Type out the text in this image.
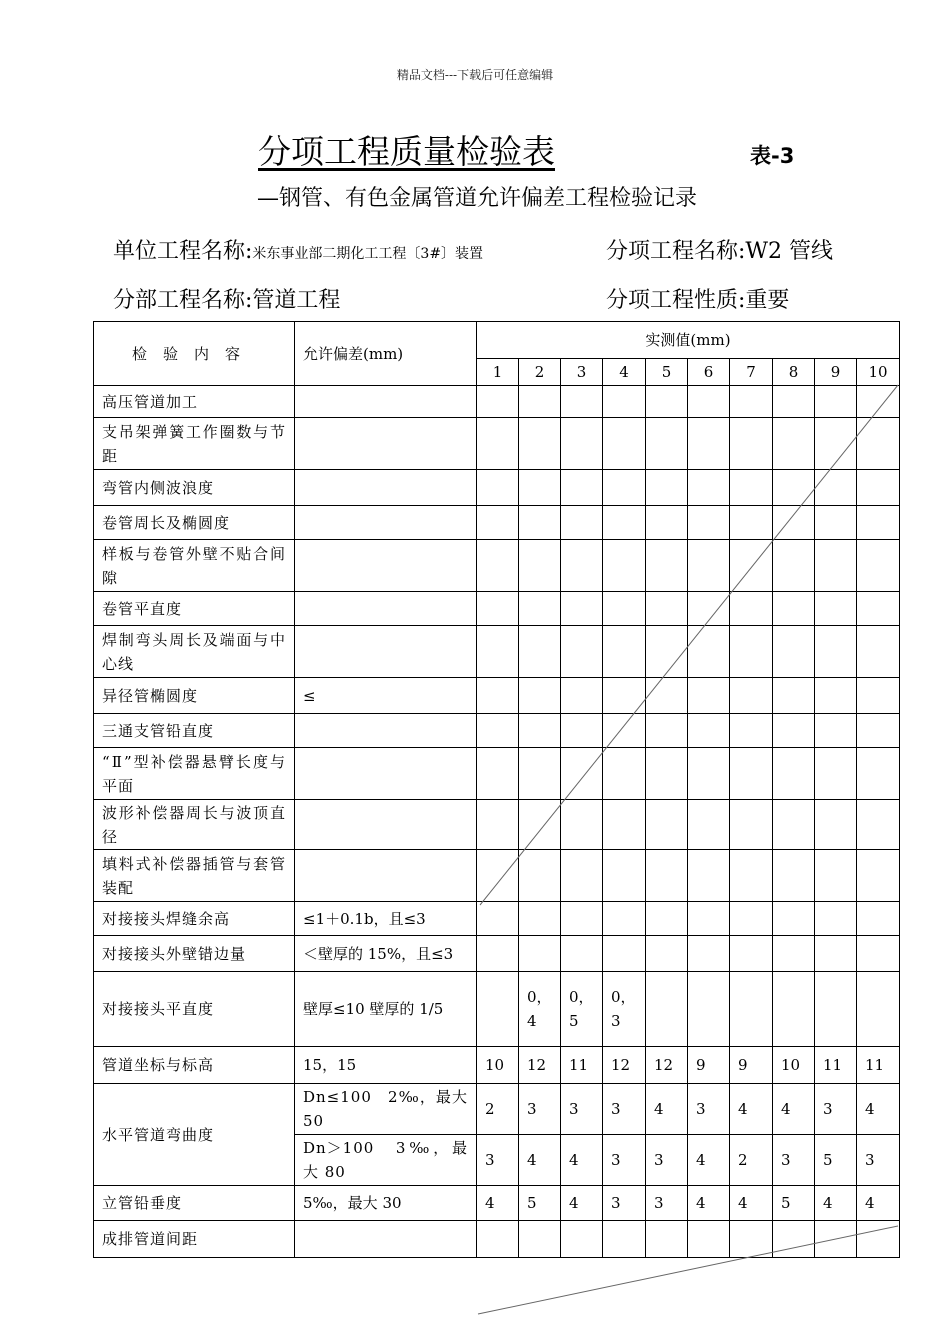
精品文档---下载后可任意编辑
分项工程质量检验表	表-3
—钢管、有色金属管道允许偏差工程检验记录
单位工程名称:米东事业部二期化工工程〔3#〕装置	分项工程名称:W2 管线
分部工程名称:管道工程	分项工程性质:重要
检验内容	允许偏差(mm)	实测值(mm)									
		1	2	3	4	5	6	7	8	9	10
高压管道加工											
支吊架弹簧工作圈数与节距											
弯管内侧波浪度											
卷管周长及椭圆度											
样板与卷管外壁不贴合间隙											
卷管平直度											
焊制弯头周长及端面与中心线											
异径管椭圆度	≤										
三通支管铅直度											
“Ⅱ”型补偿器悬臂长度与平面											
波形补偿器周长与波顶直径											
填料式补偿器插管与套管装配											
对接接头焊缝余高	≤1＋0.1b，且≤3										
对接接头外壁错边量	＜壁厚的 15%，且≤3										
对接接头平直度	壁厚≤10 壁厚的 1/5		0，4	0，5	0，3						
管道坐标与标高	15，15	10	12	11	12	12	9	9	10	11	11
水平管道弯曲度	Dn≤100　2‰，最大 50	2	3	3	3	4	3	4	4	3	4
	Dn＞100　3‰，最大 80	3	4	4	3	3	4	2	3	5	3
立管铅垂度	5‰，最大 30	4	5	4	3	3	4	4	5	4	4
成排管道间距											
